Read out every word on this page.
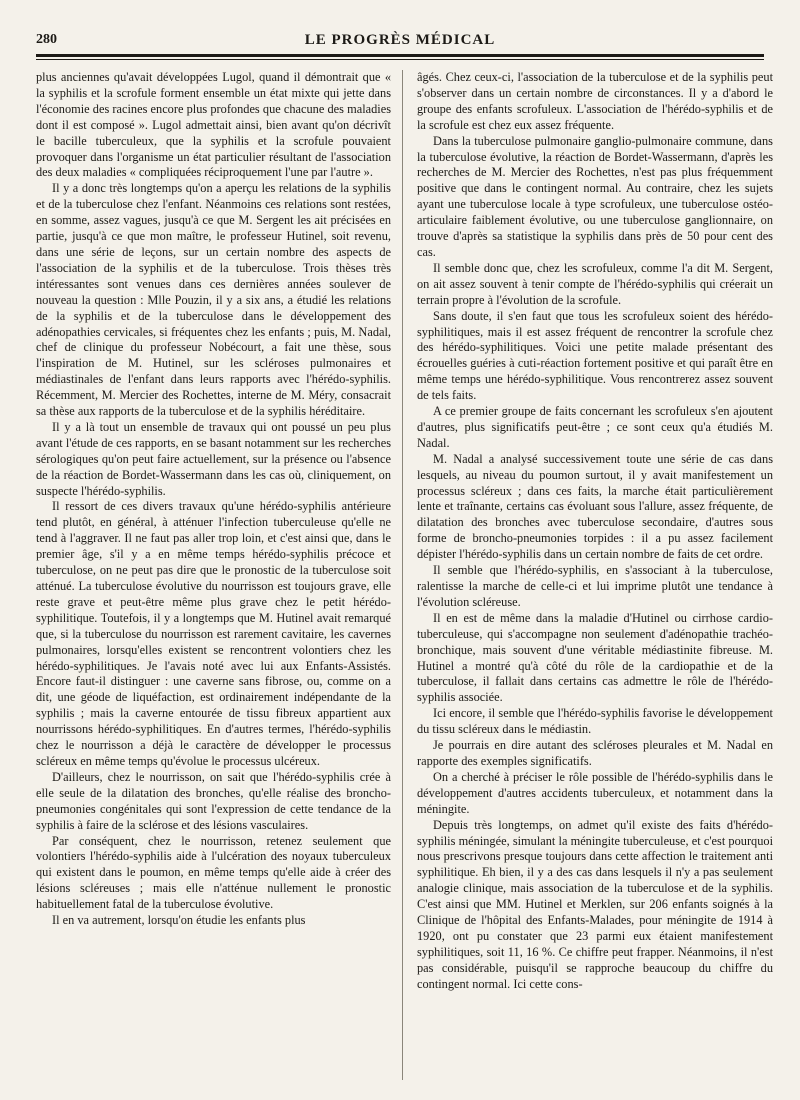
280	LE PROGRÈS MÉDICAL

plus anciennes qu'avait développées Lugol, quand il démontrait que « la syphilis et la scrofule forment ensemble un état mixte qui jette dans l'économie des racines encore plus profondes que chacune des maladies dont il est composé ». Lugol admettait ainsi, bien avant qu'on décrivît le bacille tuberculeux, que la syphilis et la scrofule pouvaient provoquer dans l'organisme un état particulier résultant de l'association des deux maladies « compliquées réciproquement l'une par l'autre ».

Il y a donc très longtemps qu'on a aperçu les relations de la syphilis et de la tuberculose chez l'enfant. Néanmoins ces relations sont restées, en somme, assez vagues, jusqu'à ce que M. Sergent les ait précisées en partie, jusqu'à ce que mon maître, le professeur Hutinel, soit revenu, dans une série de leçons, sur un certain nombre des aspects de l'association de la syphilis et de la tuberculose. Trois thèses très intéressantes sont venues dans ces dernières années soulever de nouveau la question : Mlle Pouzin, il y a six ans, a étudié les relations de la syphilis et de la tuberculose dans le développement des adénopathies cervicales, si fréquentes chez les enfants ; puis, M. Nadal, chef de clinique du professeur Nobécourt, a fait une thèse, sous l'inspiration de M. Hutinel, sur les scléroses pulmonaires et médiastinales de l'enfant dans leurs rapports avec l'hérédo-syphilis. Récemment, M. Mercier des Rochettes, interne de M. Méry, consacrait sa thèse aux rapports de la tuberculose et de la syphilis héréditaire.

Il y a là tout un ensemble de travaux qui ont poussé un peu plus avant l'étude de ces rapports, en se basant notamment sur les recherches sérologiques qu'on peut faire actuellement, sur la présence ou l'absence de la réaction de Bordet-Wassermann dans les cas où, cliniquement, on suspecte l'hérédo-syphilis.

Il ressort de ces divers travaux qu'une hérédo-syphilis antérieure tend plutôt, en général, à atténuer l'infection tuberculeuse qu'elle ne tend à l'aggraver. Il ne faut pas aller trop loin, et c'est ainsi que, dans le premier âge, s'il y a en même temps hérédo-syphilis précoce et tuberculose, on ne peut pas dire que le pronostic de la tuberculose soit atténué. La tuberculose évolutive du nourrisson est toujours grave, elle reste grave et peut-être même plus grave chez le petit hérédo-syphilitique. Toutefois, il y a longtemps que M. Hutinel avait remarqué que, si la tuberculose du nourrisson est rarement cavitaire, les cavernes pulmonaires, lorsqu'elles existent se rencontrent volontiers chez les hérédo-syphilitiques. Je l'avais noté avec lui aux Enfants-Assistés. Encore faut-il distinguer : une caverne sans fibrose, ou, comme on a dit, une géode de liquéfaction, est ordinairement indépendante de la syphilis ; mais la caverne entourée de tissu fibreux appartient aux nourrissons hérédo-syphilitiques. En d'autres termes, l'hérédo-syphilis chez le nourrisson a déjà le caractère de développer le processus scléreux en même temps qu'évolue le processus ulcéreux.

D'ailleurs, chez le nourrisson, on sait que l'hérédo-syphilis crée à elle seule de la dilatation des bronches, qu'elle réalise des broncho-pneumonies congénitales qui sont l'expression de cette tendance de la syphilis à faire de la sclérose et des lésions vasculaires.

Par conséquent, chez le nourrisson, retenez seulement que volontiers l'hérédo-syphilis aide à l'ulcération des noyaux tuberculeux qui existent dans le poumon, en même temps qu'elle aide à créer des lésions scléreuses ; mais elle n'atténue nullement le pronostic habituellement fatal de la tuberculose évolutive.

Il en va autrement, lorsqu'on étudie les enfants plus

âgés. Chez ceux-ci, l'association de la tuberculose et de la syphilis peut s'observer dans un certain nombre de circonstances. Il y a d'abord le groupe des enfants scrofuleux. L'association de l'hérédo-syphilis et de la scrofule est chez eux assez fréquente.

Dans la tuberculose pulmonaire ganglio-pulmonaire commune, dans la tuberculose évolutive, la réaction de Bordet-Wassermann, d'après les recherches de M. Mercier des Rochettes, n'est pas plus fréquemment positive que dans le contingent normal. Au contraire, chez les sujets ayant une tuberculose locale à type scrofuleux, une tuberculose ostéo-articulaire faiblement évolutive, ou une tuberculose ganglionnaire, on trouve d'après sa statistique la syphilis dans près de 50 pour cent des cas.

Il semble donc que, chez les scrofuleux, comme l'a dit M. Sergent, on ait assez souvent à tenir compte de l'hérédo-syphilis qui créerait un terrain propre à l'évolution de la scrofule.

Sans doute, il s'en faut que tous les scrofuleux soient des hérédo-syphilitiques, mais il est assez fréquent de rencontrer la scrofule chez des hérédo-syphilitiques. Voici une petite malade présentant des écrouelles guéries à cuti-réaction fortement positive et qui paraît être en même temps une hérédo-syphilitique. Vous rencontrerez assez souvent de tels faits.

A ce premier groupe de faits concernant les scrofuleux s'en ajoutent d'autres, plus significatifs peut-être ; ce sont ceux qu'a étudiés M. Nadal.

M. Nadal a analysé successivement toute une série de cas dans lesquels, au niveau du poumon surtout, il y avait manifestement un processus scléreux ; dans ces faits, la marche était particulièrement lente et traînante, certains cas évoluant sous l'allure, assez fréquente, de dilatation des bronches avec tuberculose secondaire, d'autres sous forme de broncho-pneumonies torpides : il a pu assez facilement dépister l'hérédo-syphilis dans un certain nombre de faits de cet ordre.

Il semble que l'hérédo-syphilis, en s'associant à la tuberculose, ralentisse la marche de celle-ci et lui imprime plutôt une tendance à l'évolution scléreuse.

Il en est de même dans la maladie d'Hutinel ou cirrhose cardio-tuberculeuse, qui s'accompagne non seulement d'adénopathie trachéo-bronchique, mais souvent d'une véritable médiastinite fibreuse. M. Hutinel a montré qu'à côté du rôle de la cardiopathie et de la tuberculose, il fallait dans certains cas admettre le rôle de l'hérédo-syphilis associée.

Ici encore, il semble que l'hérédo-syphilis favorise le développement du tissu scléreux dans le médiastin.

Je pourrais en dire autant des scléroses pleurales et M. Nadal en rapporte des exemples significatifs.

On a cherché à préciser le rôle possible de l'hérédo-syphilis dans le développement d'autres accidents tuberculeux, et notamment dans la méningite.

Depuis très longtemps, on admet qu'il existe des faits d'hérédo-syphilis méningée, simulant la méningite tuberculeuse, et c'est pourquoi nous prescrivons presque toujours dans cette affection le traitement anti syphilitique. Eh bien, il y a des cas dans lesquels il n'y a pas seulement analogie clinique, mais association de la tuberculose et de la syphilis. C'est ainsi que MM. Hutinel et Merklen, sur 206 enfants soignés à la Clinique de l'hôpital des Enfants-Malades, pour méningite de 1914 à 1920, ont pu constater que 23 parmi eux étaient manifestement syphilitiques, soit 11, 16 %. Ce chiffre peut frapper. Néanmoins, il n'est pas considérable, puisqu'il se rapproche beaucoup du chiffre du contingent normal. Ici cette cons-
